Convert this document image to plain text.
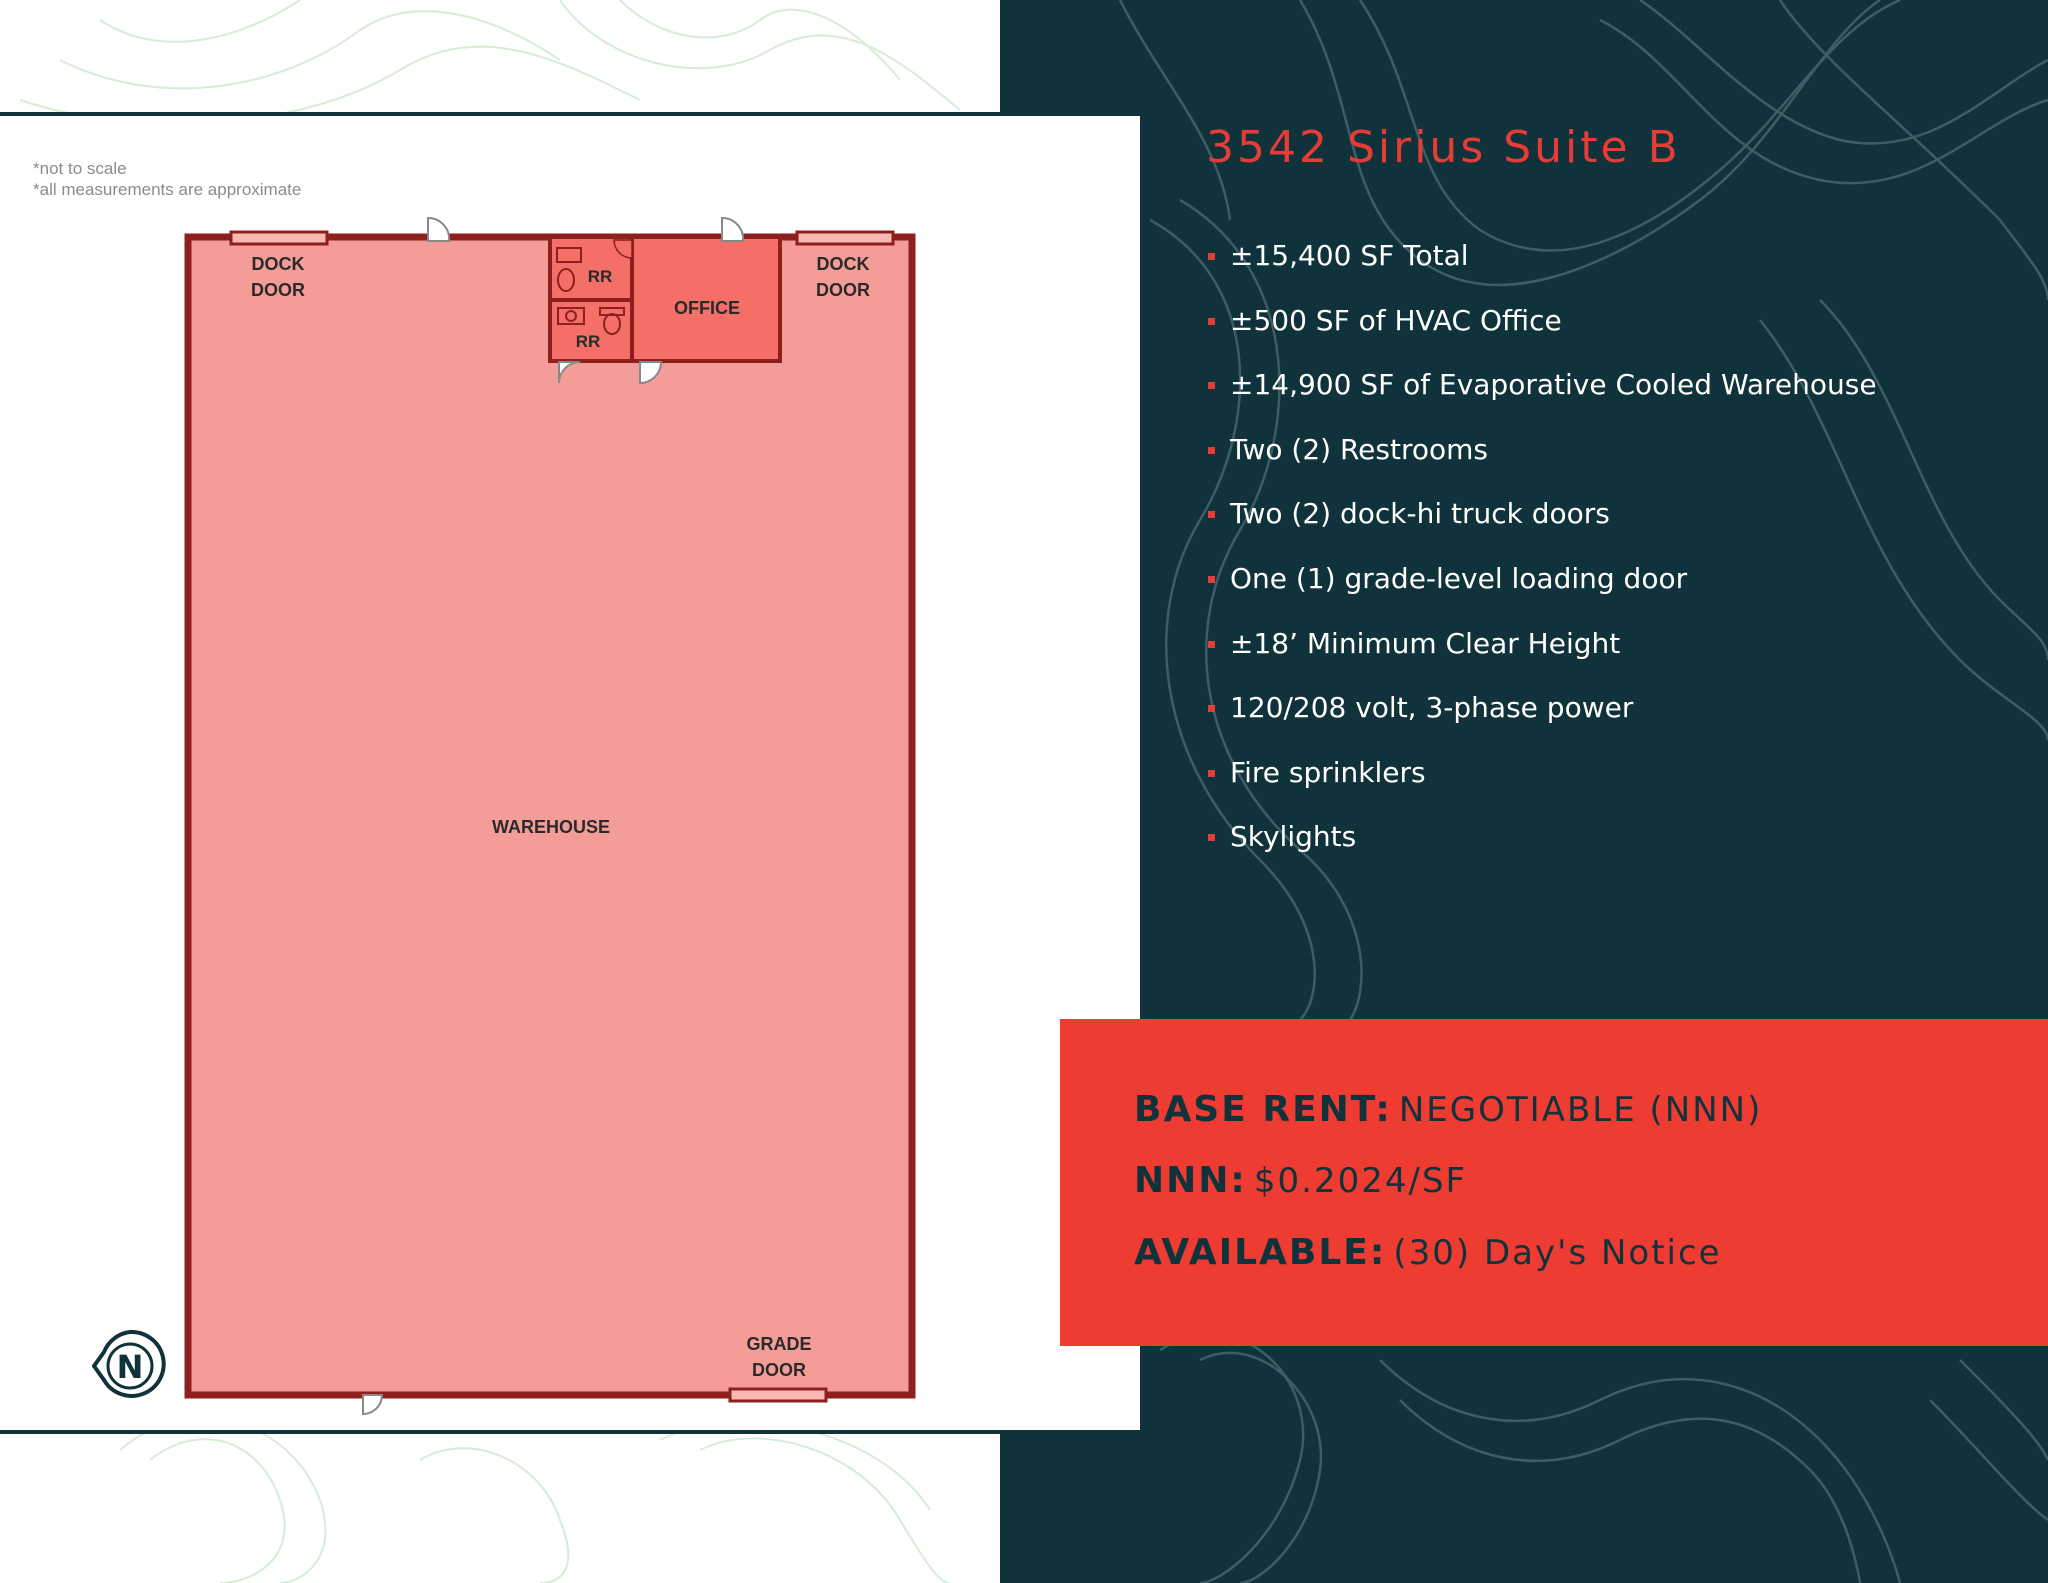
*not to scale
*all measurements are approximate
DOCK
DOOR
DOCK
DOOR
RR
RR
OFFICE
WAREHOUSE
GRADE
DOOR
N
3542 Sirius Suite B
±15,400 SF Total
±500 SF of HVAC Office
±14,900 SF of Evaporative Cooled Warehouse
Two (2) Restrooms
Two (2) dock-hi truck doors
One (1) grade-level loading door
±18’ Minimum Clear Height
120/208 volt, 3-phase power
Fire sprinklers
Skylights
BASE RENT: NEGOTIABLE (NNN)
NNN: $0.2024/SF
AVAILABLE: (30) Day's Notice
